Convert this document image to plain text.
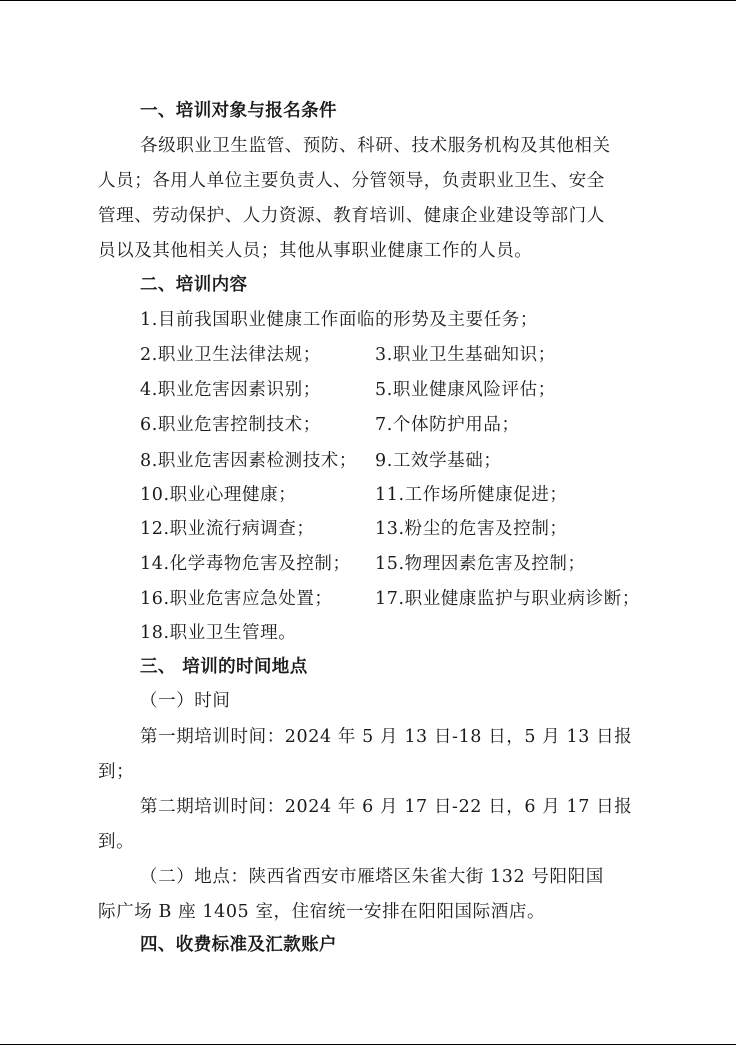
一、培训对象与报名条件
各级职业卫生监管、预防、科研、技术服务机构及其他相关
人员；各用人单位主要负责人、分管领导，负责职业卫生、安全
管理、劳动保护、人力资源、教育培训、健康企业建设等部门人
员以及其他相关人员；其他从事职业健康工作的人员。
二、培训内容
1.目前我国职业健康工作面临的形势及主要任务；
2.职业卫生法律法规；	3.职业卫生基础知识；
4.职业危害因素识别；	5.职业健康风险评估；
6.职业危害控制技术；	7.个体防护用品；
8.职业危害因素检测技术； 9.工效学基础；
10.职业心理健康；	11.工作场所健康促进；
12.职业流行病调查；	13.粉尘的危害及控制；
14.化学毒物危害及控制； 15.物理因素危害及控制；
16.职业危害应急处置； 17.职业健康监护与职业病诊断；
18.职业卫生管理。
三、 培训的时间地点
（一）时间
第一期培训时间：2024 年 5 月 13 日-18 日，5 月 13 日报
到；
第二期培训时间：2024 年 6 月 17 日-22 日，6 月 17 日报
到。
（二）地点：陕西省西安市雁塔区朱雀大街 132 号阳阳国
际广场 B 座 1405 室，住宿统一安排在阳阳国际酒店。
四、收费标准及汇款账户
